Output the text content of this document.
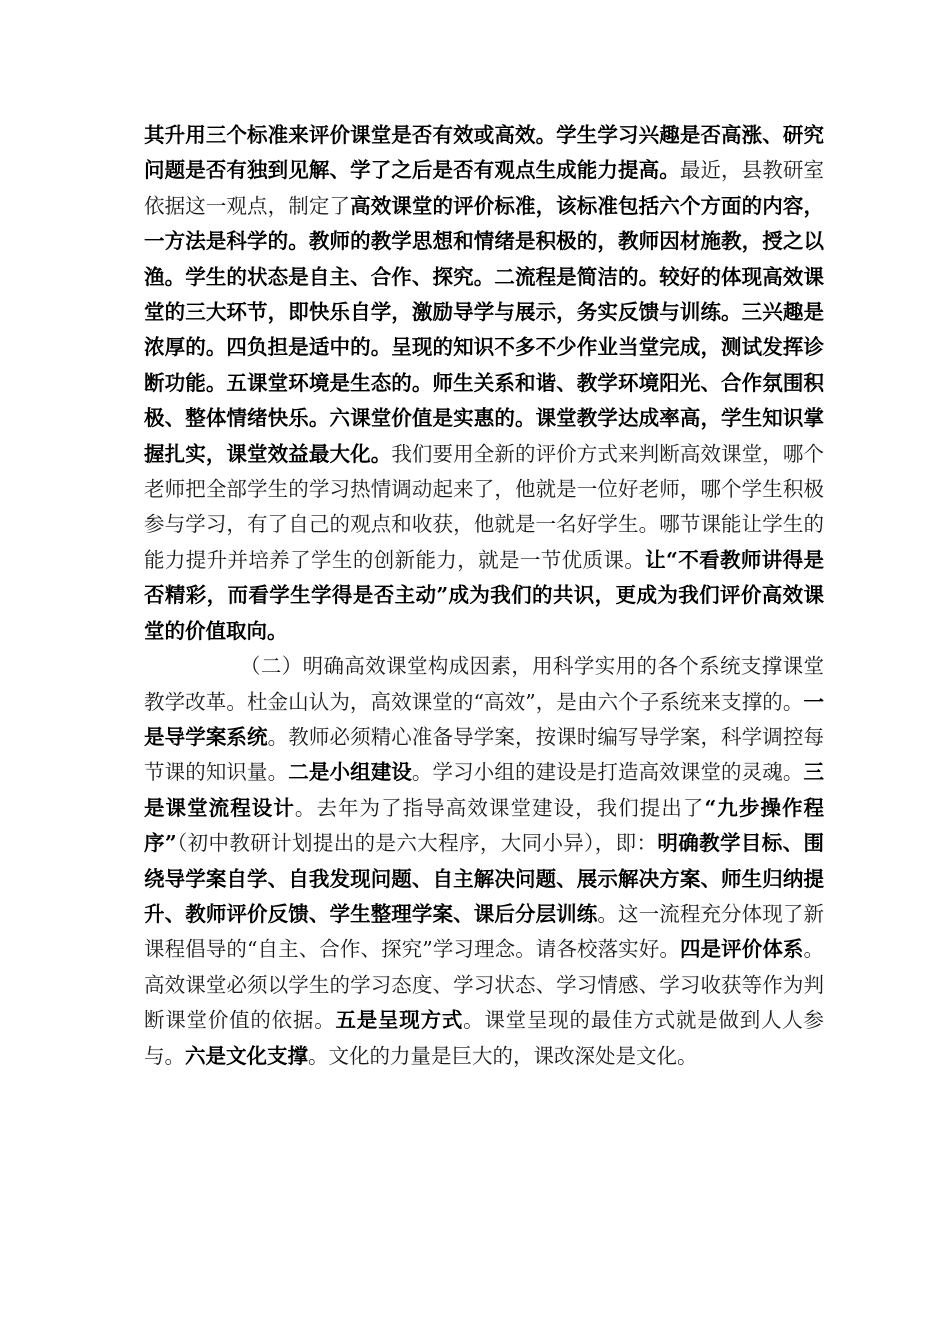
其升用三个标准来评价课堂是否有效或高效。学生学习兴趣是否高涨、研究问题是否有独到见解、学了之后是否有观点生成能力提高。最近，县教研室依据这一观点，制定了高效课堂的评价标准，该标准包括六个方面的内容，一方法是科学的。教师的教学思想和情绪是积极的，教师因材施教，授之以渔。学生的状态是自主、合作、探究。二流程是简洁的。较好的体现高效课堂的三大环节，即快乐自学，激励导学与展示，务实反馈与训练。三兴趣是浓厚的。四负担是适中的。呈现的知识不多不少作业当堂完成，测试发挥诊断功能。五课堂环境是生态的。师生关系和谐、教学环境阳光、合作氛围积极、整体情绪快乐。六课堂价值是实惠的。课堂教学达成率高，学生知识掌握扎实，课堂效益最大化。我们要用全新的评价方式来判断高效课堂，哪个老师把全部学生的学习热情调动起来了，他就是一位好老师，哪个学生积极参与学习，有了自己的观点和收获，他就是一名好学生。哪节课能让学生的能力提升并培养了学生的创新能力，就是一节优质课。让“不看教师讲得是否精彩，而看学生学得是否主动”成为我们的共识，更成为我们评价高效课堂的价值取向。

（二）明确高效课堂构成因素，用科学实用的各个系统支撑课堂教学改革。杜金山认为，高效课堂的“高效”，是由六个子系统来支撑的。一是导学案系统。教师必须精心准备导学案，按课时编写导学案，科学调控每节课的知识量。二是小组建设。学习小组的建设是打造高效课堂的灵魂。三是课堂流程设计。去年为了指导高效课堂建设，我们提出了“九步操作程序”（初中教研计划提出的是六大程序，大同小异），即：明确教学目标、围绕导学案自学、自我发现问题、自主解决问题、展示解决方案、师生归纳提升、教师评价反馈、学生整理学案、课后分层训练。这一流程充分体现了新课程倡导的“自主、合作、探究”学习理念。请各校落实好。四是评价体系。高效课堂必须以学生的学习态度、学习状态、学习情感、学习收获等作为判断课堂价值的依据。五是呈现方式。课堂呈现的最佳方式就是做到人人参与。六是文化支撑。文化的力量是巨大的，课改深处是文化。
